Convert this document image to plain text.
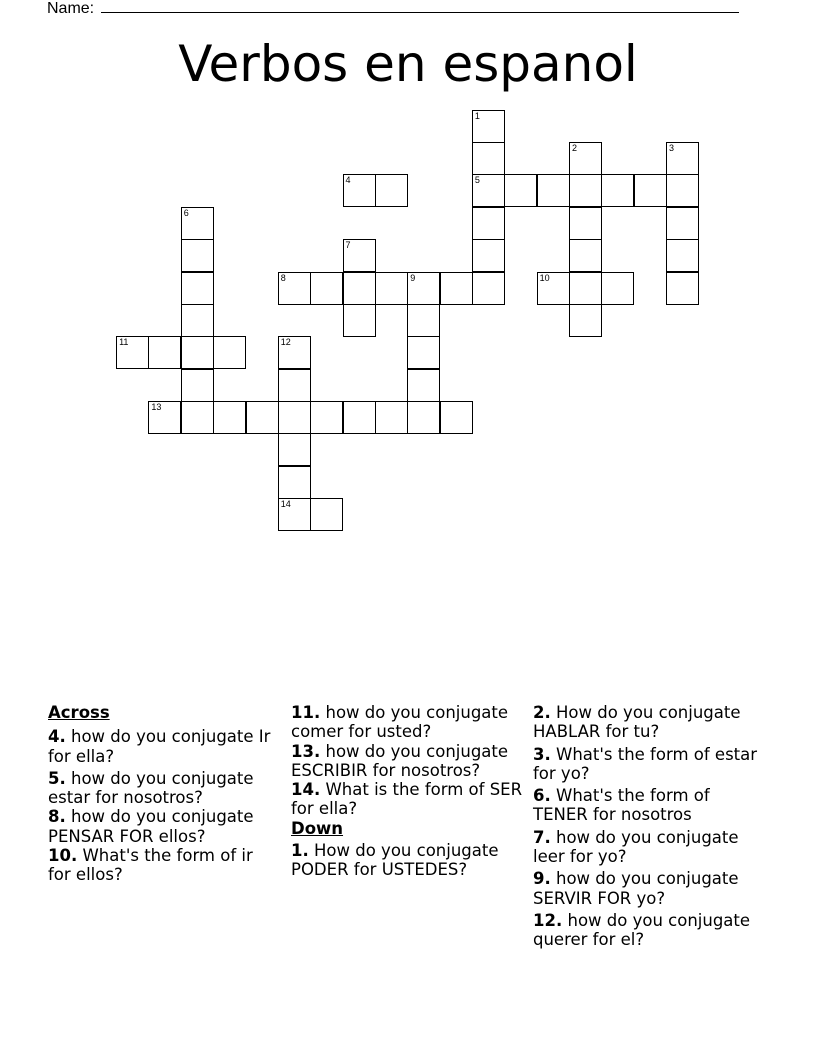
Name:
Verbos en espanol
4	5
8	9	10
11
13
14
1
2	3
6
7
12
Across
4. how do you conjugate Ir for ella?
5. how do you conjugate estar for nosotros?
8. how do you conjugate PENSAR FOR ellos?
10. What's the form of ir for ellos?
11. how do you conjugate comer for usted?
13. how do you conjugate ESCRIBIR for nosotros?
14. What is the form of SER for ella?
Down
1. How do you conjugate PODER for USTEDES?
2. How do you conjugate HABLAR for tu?
3. What's the form of estar for yo?
6. What's the form of TENER for nosotros
7. how do you conjugate leer for yo?
9. how do you conjugate SERVIR FOR yo?
12. how do you conjugate querer for el?
